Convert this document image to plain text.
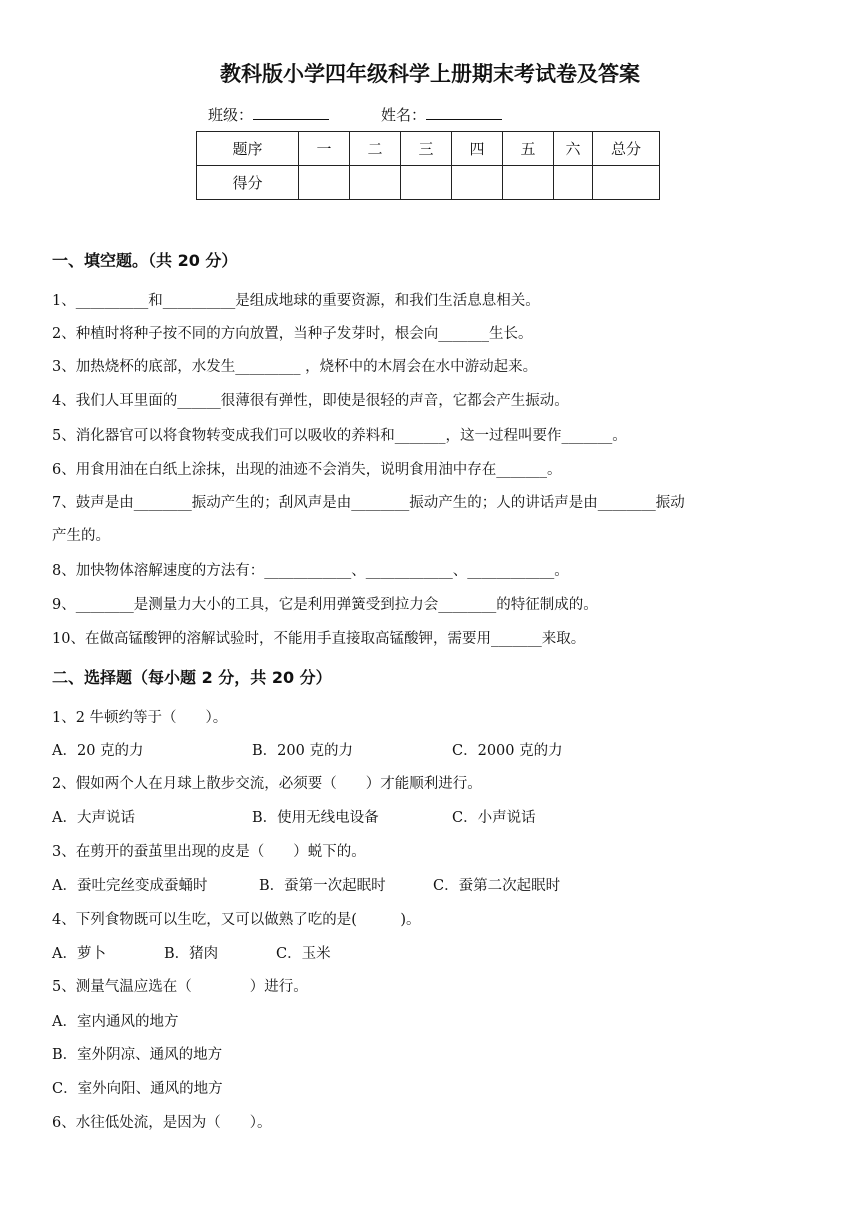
教科版小学四年级科学上册期末考试卷及答案
班级：	姓名：
题序	一	二	三	四	五	六	总分
得分							
一、填空题。（共 20 分）
1、__________和__________是组成地球的重要资源，和我们生活息息相关。
2、种植时将种子按不同的方向放置，当种子发芽时，根会向_______生长。
3、加热烧杯的底部，水发生_________ ，烧杯中的木屑会在水中游动起来。
4、我们人耳里面的______很薄很有弹性，即使是很轻的声音，它都会产生振动。
5、消化器官可以将食物转变成我们可以吸收的养料和_______，这一过程叫要作_______。
6、用食用油在白纸上涂抹，出现的油迹不会消失，说明食用油中存在_______。
7、鼓声是由________振动产生的；刮风声是由________振动产生的；人的讲话声是由________振动
产生的。
8、加快物体溶解速度的方法有：____________、____________、____________。
9、________是测量力大小的工具，它是利用弹簧受到拉力会________的特征制成的。
10、在做高锰酸钾的溶解试验时，不能用手直接取高锰酸钾，需要用_______来取。
二、选择题（每小题 2 分，共 20 分）
1、2 牛顿约等于（　　）。
A．20 克的力	B．200 克的力	C．2000 克的力
2、假如两个人在月球上散步交流，必须要（　　）才能顺利进行。
A．大声说话	B．使用无线电设备	C．小声说话
3、在剪开的蚕茧里出现的皮是（　　）蜕下的。
A．蚕吐完丝变成蚕蛹时	B．蚕第一次起眠时	C．蚕第二次起眠时
4、下列食物既可以生吃，又可以做熟了吃的是(　　　)。
A．萝卜	B．猪肉	C．玉米
5、测量气温应选在（　　　　）进行。
A．室内通风的地方
B．室外阴凉、通风的地方
C．室外向阳、通风的地方
6、水往低处流，是因为（　　）。
